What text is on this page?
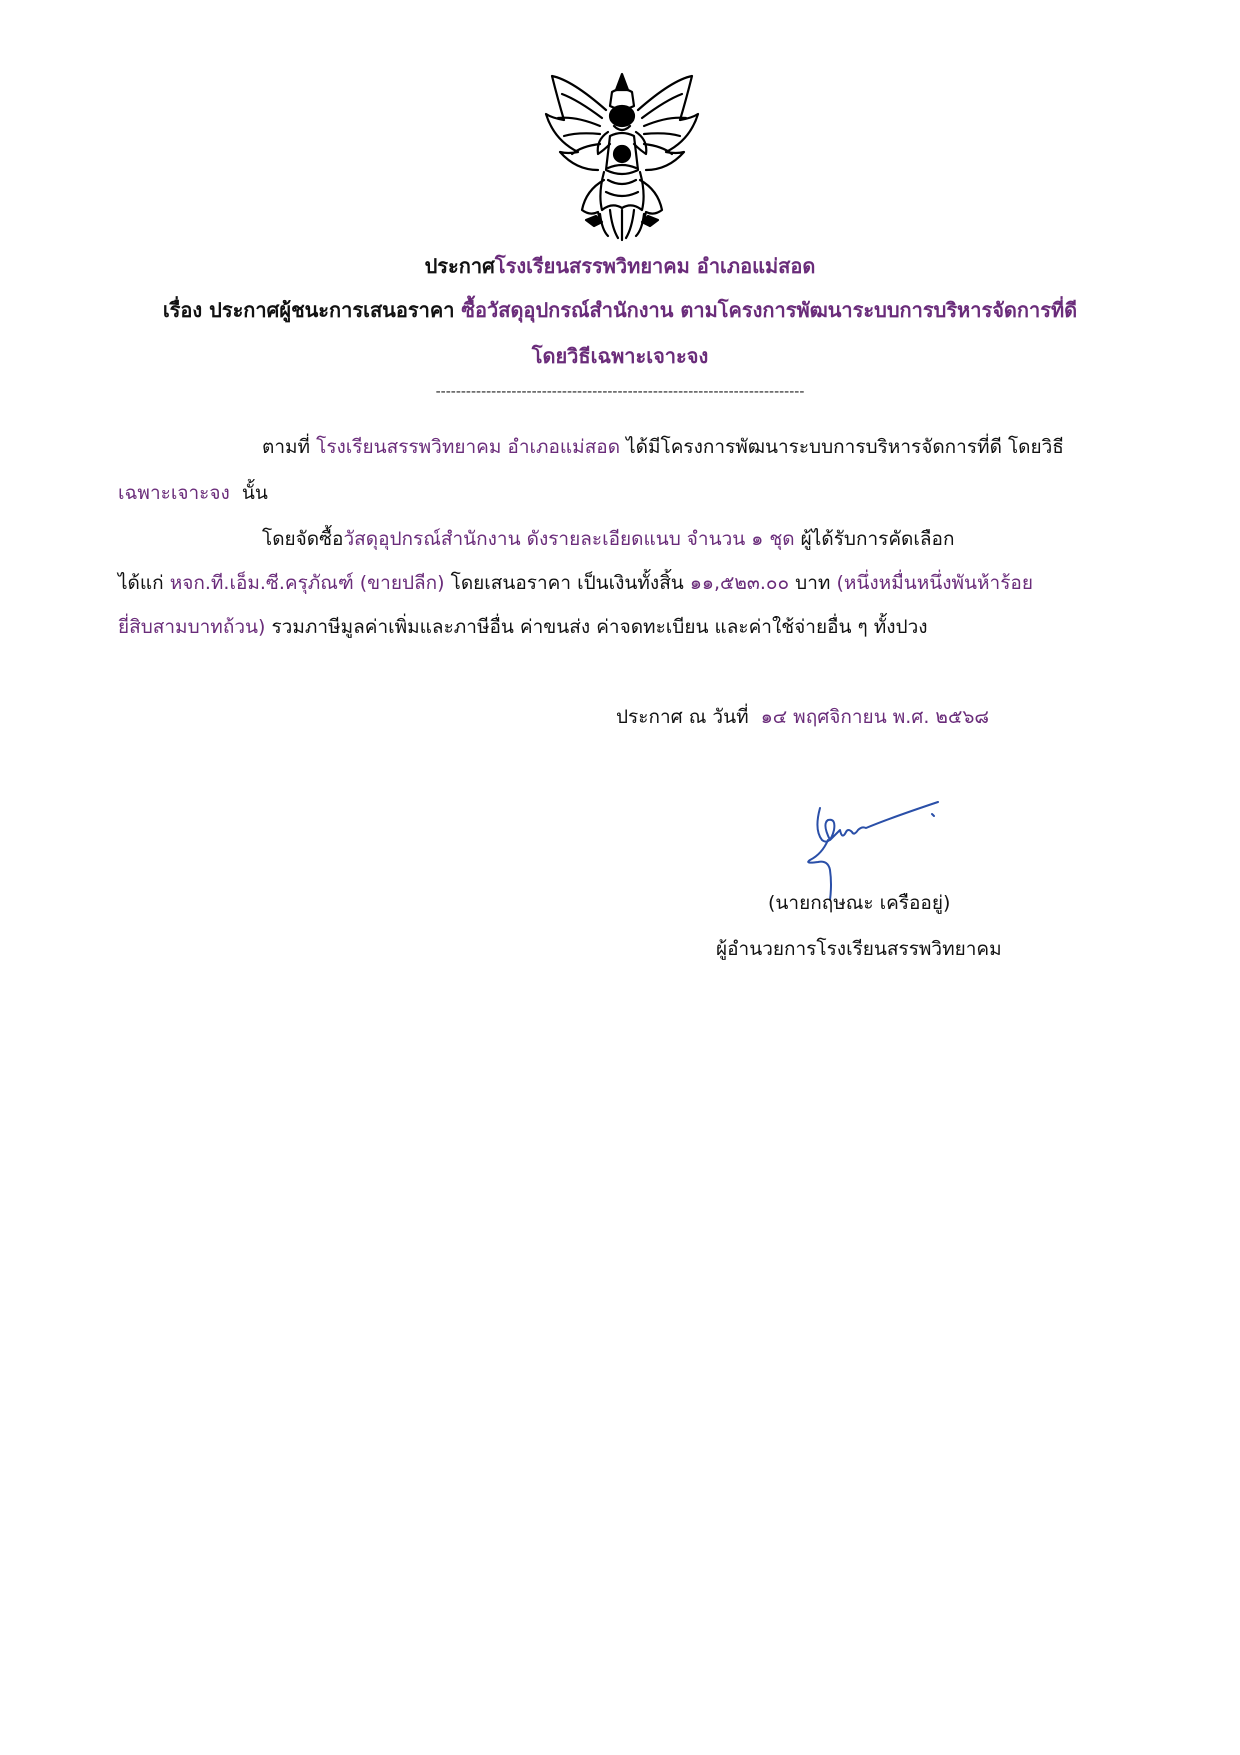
ประกาศโรงเรียนสรรพวิทยาคม อำเภอแม่สอด
เรื่อง ประกาศผู้ชนะการเสนอราคา ซื้อวัสดุอุปกรณ์สำนักงาน ตามโครงการพัฒนาระบบการบริหารจัดการที่ดี
โดยวิธีเฉพาะเจาะจง
-------------------------------------------------------------------------
ตามที่ โรงเรียนสรรพวิทยาคม อำเภอแม่สอด ได้มีโครงการพัฒนาระบบการบริหารจัดการที่ดี โดยวิธี
เฉพาะเจาะจง นั้น
โดยจัดซื้อวัสดุอุปกรณ์สำนักงาน ดังรายละเอียดแนบ จำนวน ๑ ชุด ผู้ได้รับการคัดเลือก
ได้แก่ หจก.ที.เอ็ม.ซี.ครุภัณฑ์ (ขายปลีก) โดยเสนอราคา เป็นเงินทั้งสิ้น ๑๑,๕๒๓.๐๐ บาท (หนึ่งหมื่นหนึ่งพันห้าร้อย
ยี่สิบสามบาทถ้วน) รวมภาษีมูลค่าเพิ่มและภาษีอื่น ค่าขนส่ง ค่าจดทะเบียน และค่าใช้จ่ายอื่น ๆ ทั้งปวง
ประกาศ ณ วันที่ ๑๔ พฤศจิกายน พ.ศ. ๒๕๖๘
(นายกฤษณะ เครืออยู่)
ผู้อำนวยการโรงเรียนสรรพวิทยาคม
